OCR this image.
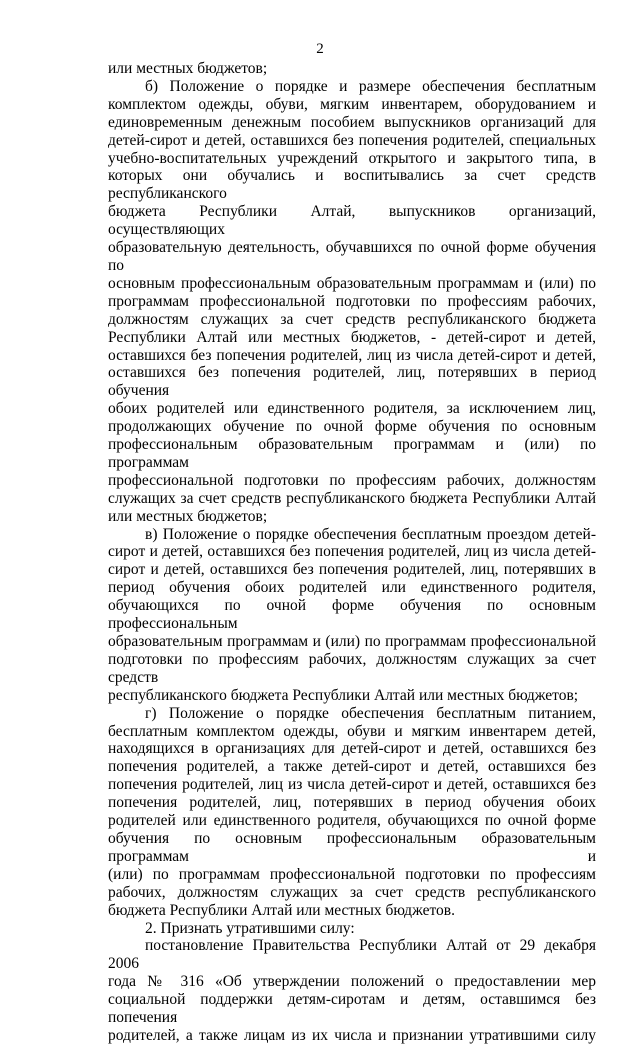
2

или местных бюджетов;

б) Положение о порядке и размере обеспечения бесплатным

комплектом одежды, обуви, мягким инвентарем, оборудованием и

единовременным денежным пособием выпускников организаций для

детей-сирот и детей, оставшихся без попечения родителей, специальных

учебно-воспитательных учреждений открытого и закрытого типа, в

которых они обучались и воспитывались за счет средств республиканского

бюджета Республики Алтай, выпускников организаций, осуществляющих

образовательную деятельность, обучавшихся по очной форме обучения по

основным профессиональным образовательным программам и (или) по

программам профессиональной подготовки по профессиям рабочих,

должностям служащих за счет средств республиканского бюджета

Республики Алтай или местных бюджетов, - детей-сирот и детей,

оставшихся без попечения родителей, лиц из числа детей-сирот и детей,

оставшихся без попечения родителей, лиц, потерявших в период обучения

обоих родителей или единственного родителя, за исключением лиц,

продолжающих обучение по очной форме обучения по основным

профессиональным образовательным программам и (или) по программам

профессиональной подготовки по профессиям рабочих, должностям

служащих за счет средств республиканского бюджета Республики Алтай

или местных бюджетов;

в) Положение о порядке обеспечения бесплатным проездом детей-

сирот и детей, оставшихся без попечения родителей, лиц из числа детей-

сирот и детей, оставшихся без попечения родителей, лиц, потерявших в

период обучения обоих родителей или единственного родителя,

обучающихся по очной форме обучения по основным профессиональным

образовательным программам и (или) по программам профессиональной

подготовки по профессиям рабочих, должностям служащих за счет средств

республиканского бюджета Республики Алтай или местных бюджетов;

г) Положение о порядке обеспечения бесплатным питанием,

бесплатным комплектом одежды, обуви и мягким инвентарем детей,

находящихся в организациях для детей-сирот и детей, оставшихся без

попечения родителей, а также детей-сирот и детей, оставшихся без

попечения родителей, лиц из числа детей-сирот и детей, оставшихся без

попечения родителей, лиц, потерявших в период обучения обоих

родителей или единственного родителя, обучающихся по очной форме

обучения по основным профессиональным образовательным программам и

(или) по программам профессиональной подготовки по профессиям

рабочих, должностям служащих за счет средств республиканского

бюджета Республики Алтай или местных бюджетов.

2. Признать утратившими силу:

постановление Правительства Республики Алтай от 29 декабря 2006

года № 316 «Об утверждении положений о предоставлении мер

социальной поддержки детям-сиротам и детям, оставшимся без попечения

родителей, а также лицам из их числа и признании утратившими силу
